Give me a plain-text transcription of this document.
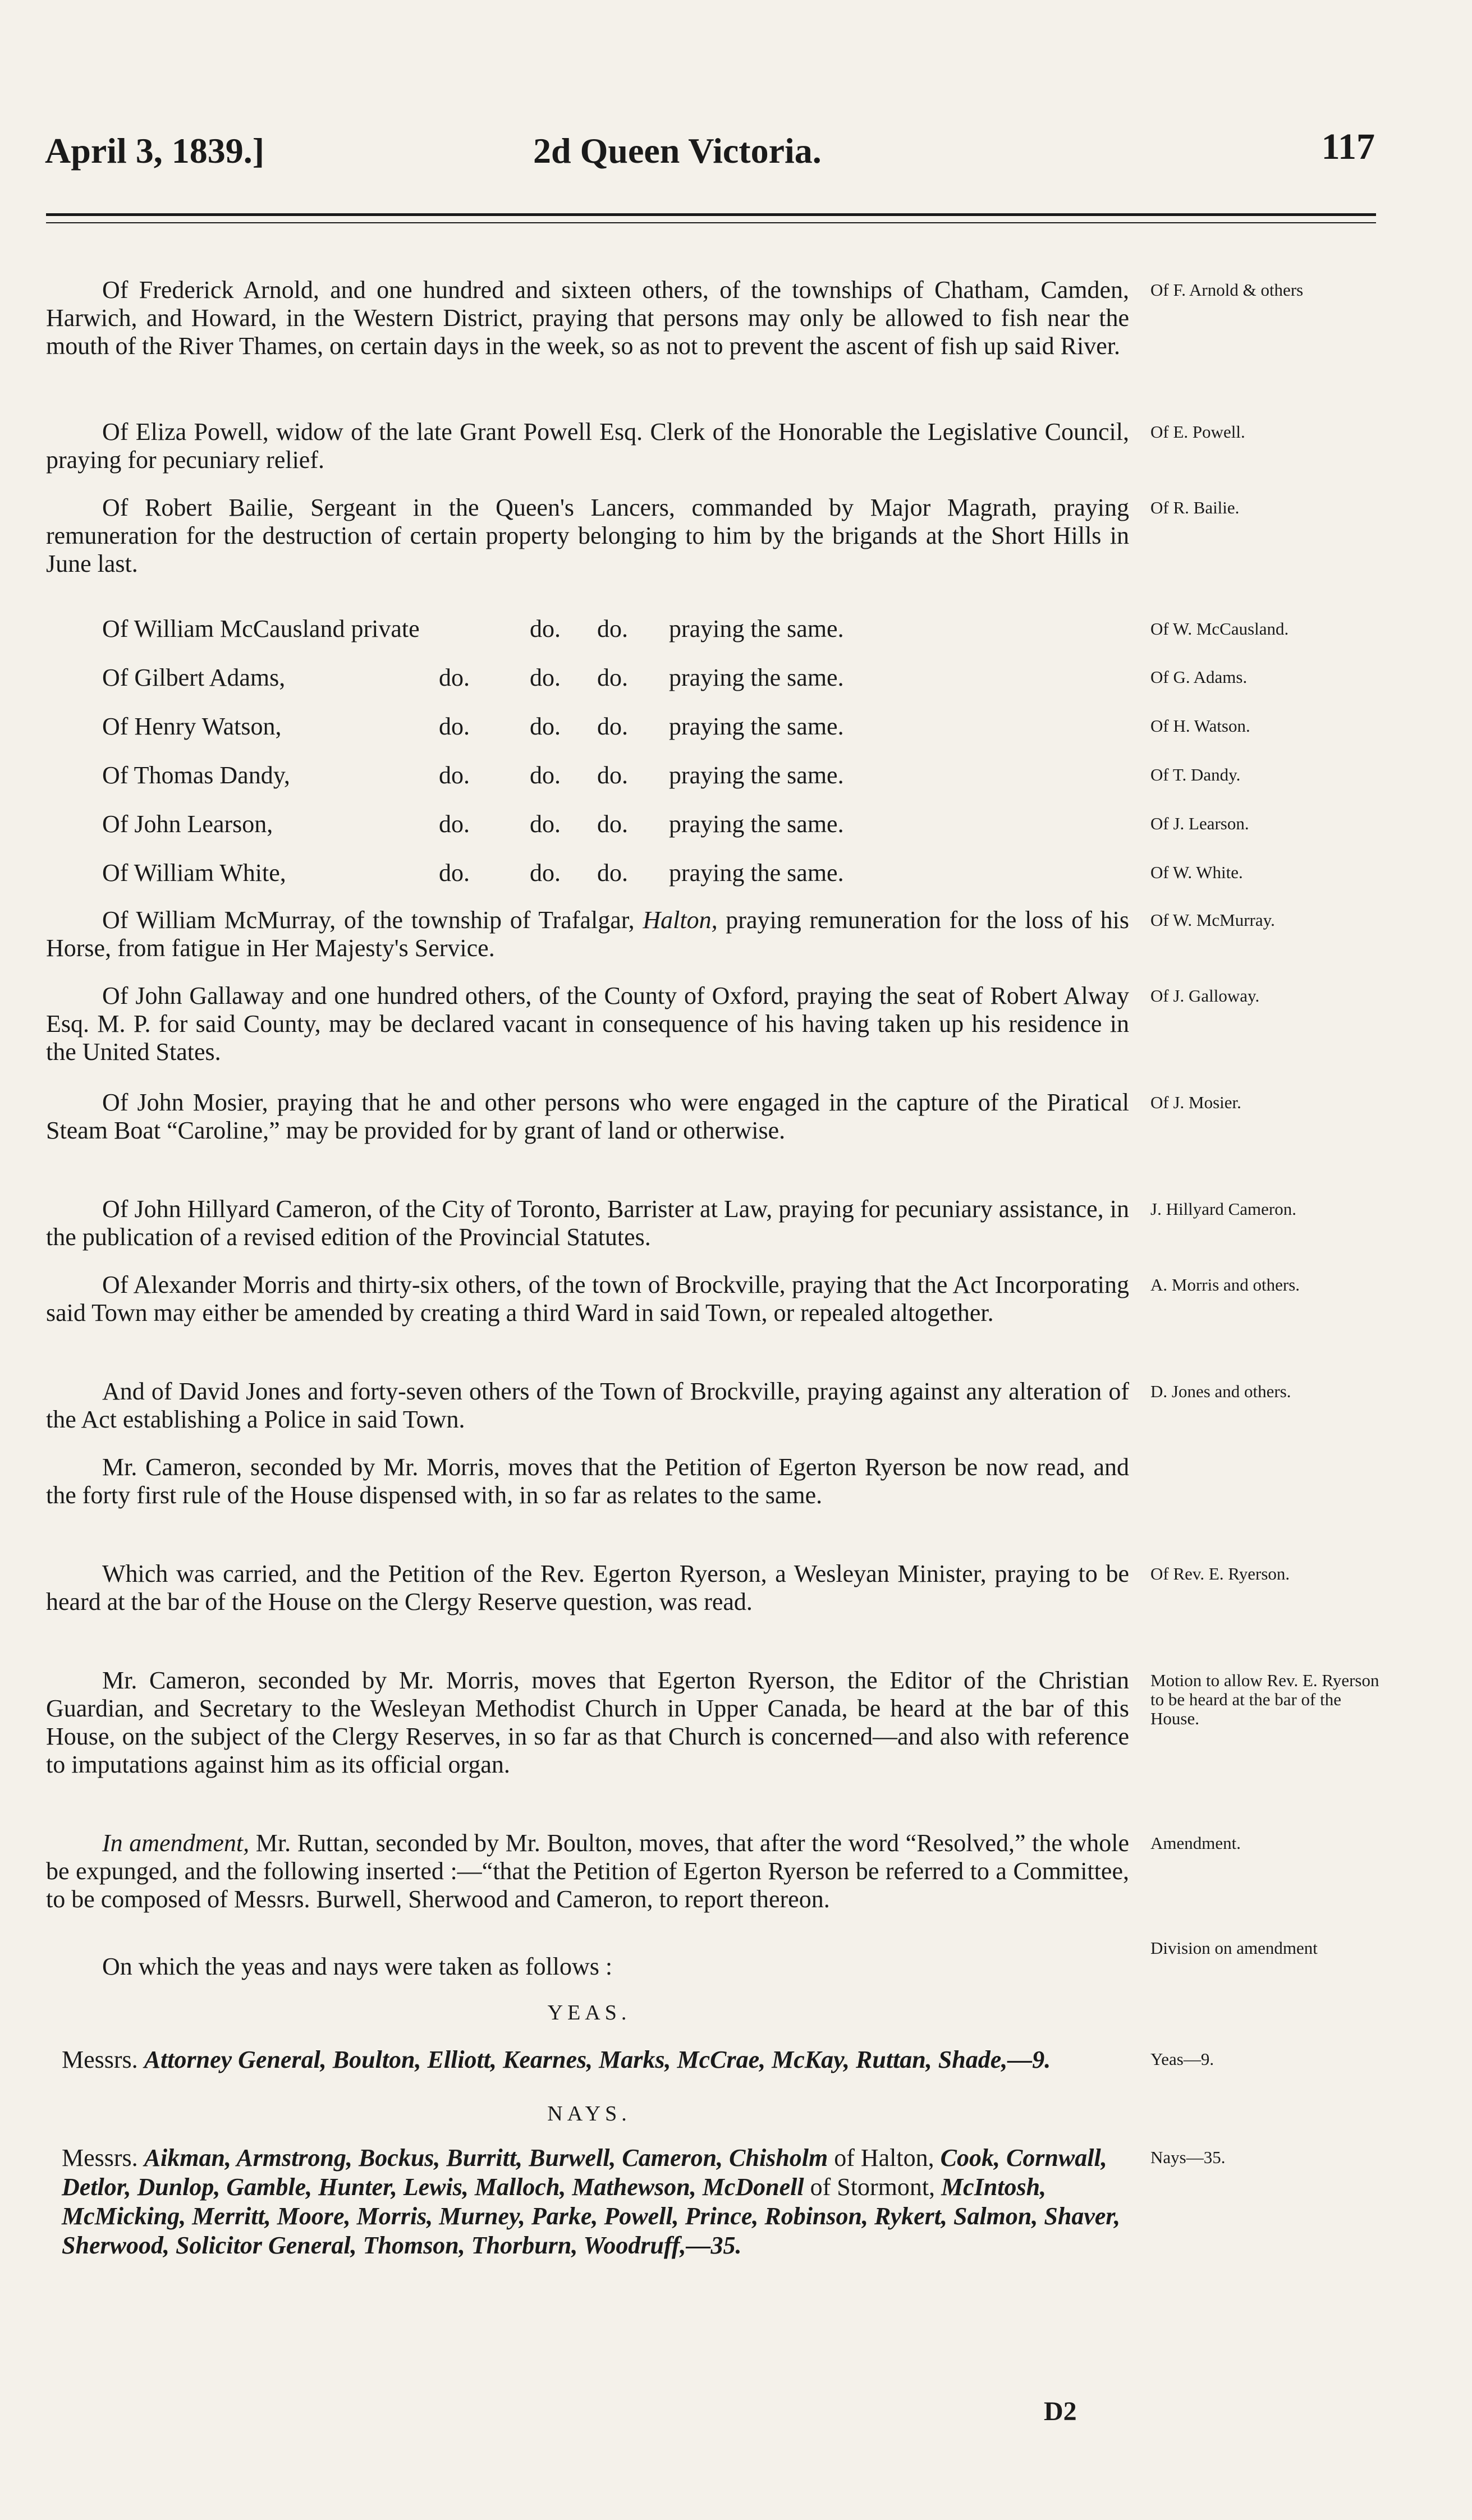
April 3, 1839.]	2d Queen Victoria.	117
Of Frederick Arnold, and one hundred and sixteen others, of the townships of Chatham, Camden, Harwich, and Howard, in the Western District, praying that persons may only be allowed to fish near the mouth of the River Thames, on certain days in the week, so as not to prevent the ascent of fish up said River.
Of F. Arnold & others
Of Eliza Powell, widow of the late Grant Powell Esq. Clerk of the Honorable the Legislative Council, praying for pecuniary relief.
Of E. Powell.
Of Robert Bailie, Sergeant in the Queen's Lancers, commanded by Major Magrath, praying remuneration for the destruction of certain property belonging to him by the brigands at the Short Hills in June last.
Of R. Bailie.
Of William McCausland private	do. do. praying the same.	Of W. McCausland.
Of Gilbert Adams,	do. do. do. praying the same.	Of G. Adams.
Of Henry Watson,	do. do. do. praying the same.	Of H. Watson.
Of Thomas Dandy,	do. do. do. praying the same.	Of T. Dandy.
Of John Learson,	do. do. do. praying the same.	Of J. Learson.
Of William White,	do. do. do. praying the same.	Of W. White.
Of William McMurray, of the township of Trafalgar, Halton, praying remuneration for the loss of his Horse, from fatigue in Her Majesty's Service.
Of W. McMurray.
Of John Gallaway and one hundred others, of the County of Oxford, praying the seat of Robert Alway Esq. M. P. for said County, may be declared vacant in consequence of his having taken up his residence in the United States.
Of J. Galloway.
Of John Mosier, praying that he and other persons who were engaged in the capture of the Piratical Steam Boat “Caroline,” may be provided for by grant of land or otherwise.
Of J. Mosier.
Of John Hillyard Cameron, of the City of Toronto, Barrister at Law, praying for pecuniary assistance, in the publication of a revised edition of the Provincial Statutes.
J. Hillyard Cameron.
Of Alexander Morris and thirty-six others, of the town of Brockville, praying that the Act Incorporating said Town may either be amended by creating a third Ward in said Town, or repealed altogether.
A. Morris and others.
And of David Jones and forty-seven others of the Town of Brockville, praying against any alteration of the Act establishing a Police in said Town.
D. Jones and others.
Mr. Cameron, seconded by Mr. Morris, moves that the Petition of Egerton Ryerson be now read, and the forty first rule of the House dispensed with, in so far as relates to the same.
Which was carried, and the Petition of the Rev. Egerton Ryerson, a Wesleyan Minister, praying to be heard at the bar of the House on the Clergy Reserve question, was read.
Of Rev. E. Ryerson.
Mr. Cameron, seconded by Mr. Morris, moves that Egerton Ryerson, the Editor of the Christian Guardian, and Secretary to the Wesleyan Methodist Church in Upper Canada, be heard at the bar of this House, on the subject of the Clergy Reserves, in so far as that Church is concerned—and also with reference to imputations against him as its official organ.
Motion to allow Rev. E. Ryerson to be heard at the bar of the House.
In amendment, Mr. Ruttan, seconded by Mr. Boulton, moves, that after the word “Resolved,” the whole be expunged, and the following inserted :—“that the Petition of Egerton Ryerson be referred to a Committee, to be composed of Messrs. Burwell, Sherwood and Cameron, to report thereon.
Amendment.
On which the yeas and nays were taken as follows :
Division on amendment
YEAS.
Messrs. Attorney General, Boulton, Elliott, Kearnes, Marks, McCrae, McKay, Ruttan, Shade,—9.	Yeas—9.
NAYS.
Messrs. Aikman, Armstrong, Bockus, Burritt, Burwell, Cameron, Chisholm of Halton, Cook, Cornwall, Detlor, Dunlop, Gamble, Hunter, Lewis, Malloch, Mathewson, McDonell of Stormont, McIntosh, McMicking, Merritt, Moore, Morris, Murney, Parke, Powell, Prince, Robinson, Rykert, Salmon, Shaver, Sherwood, Solicitor General, Thomson, Thorburn, Woodruff,—35.
Nays—35.
D2
